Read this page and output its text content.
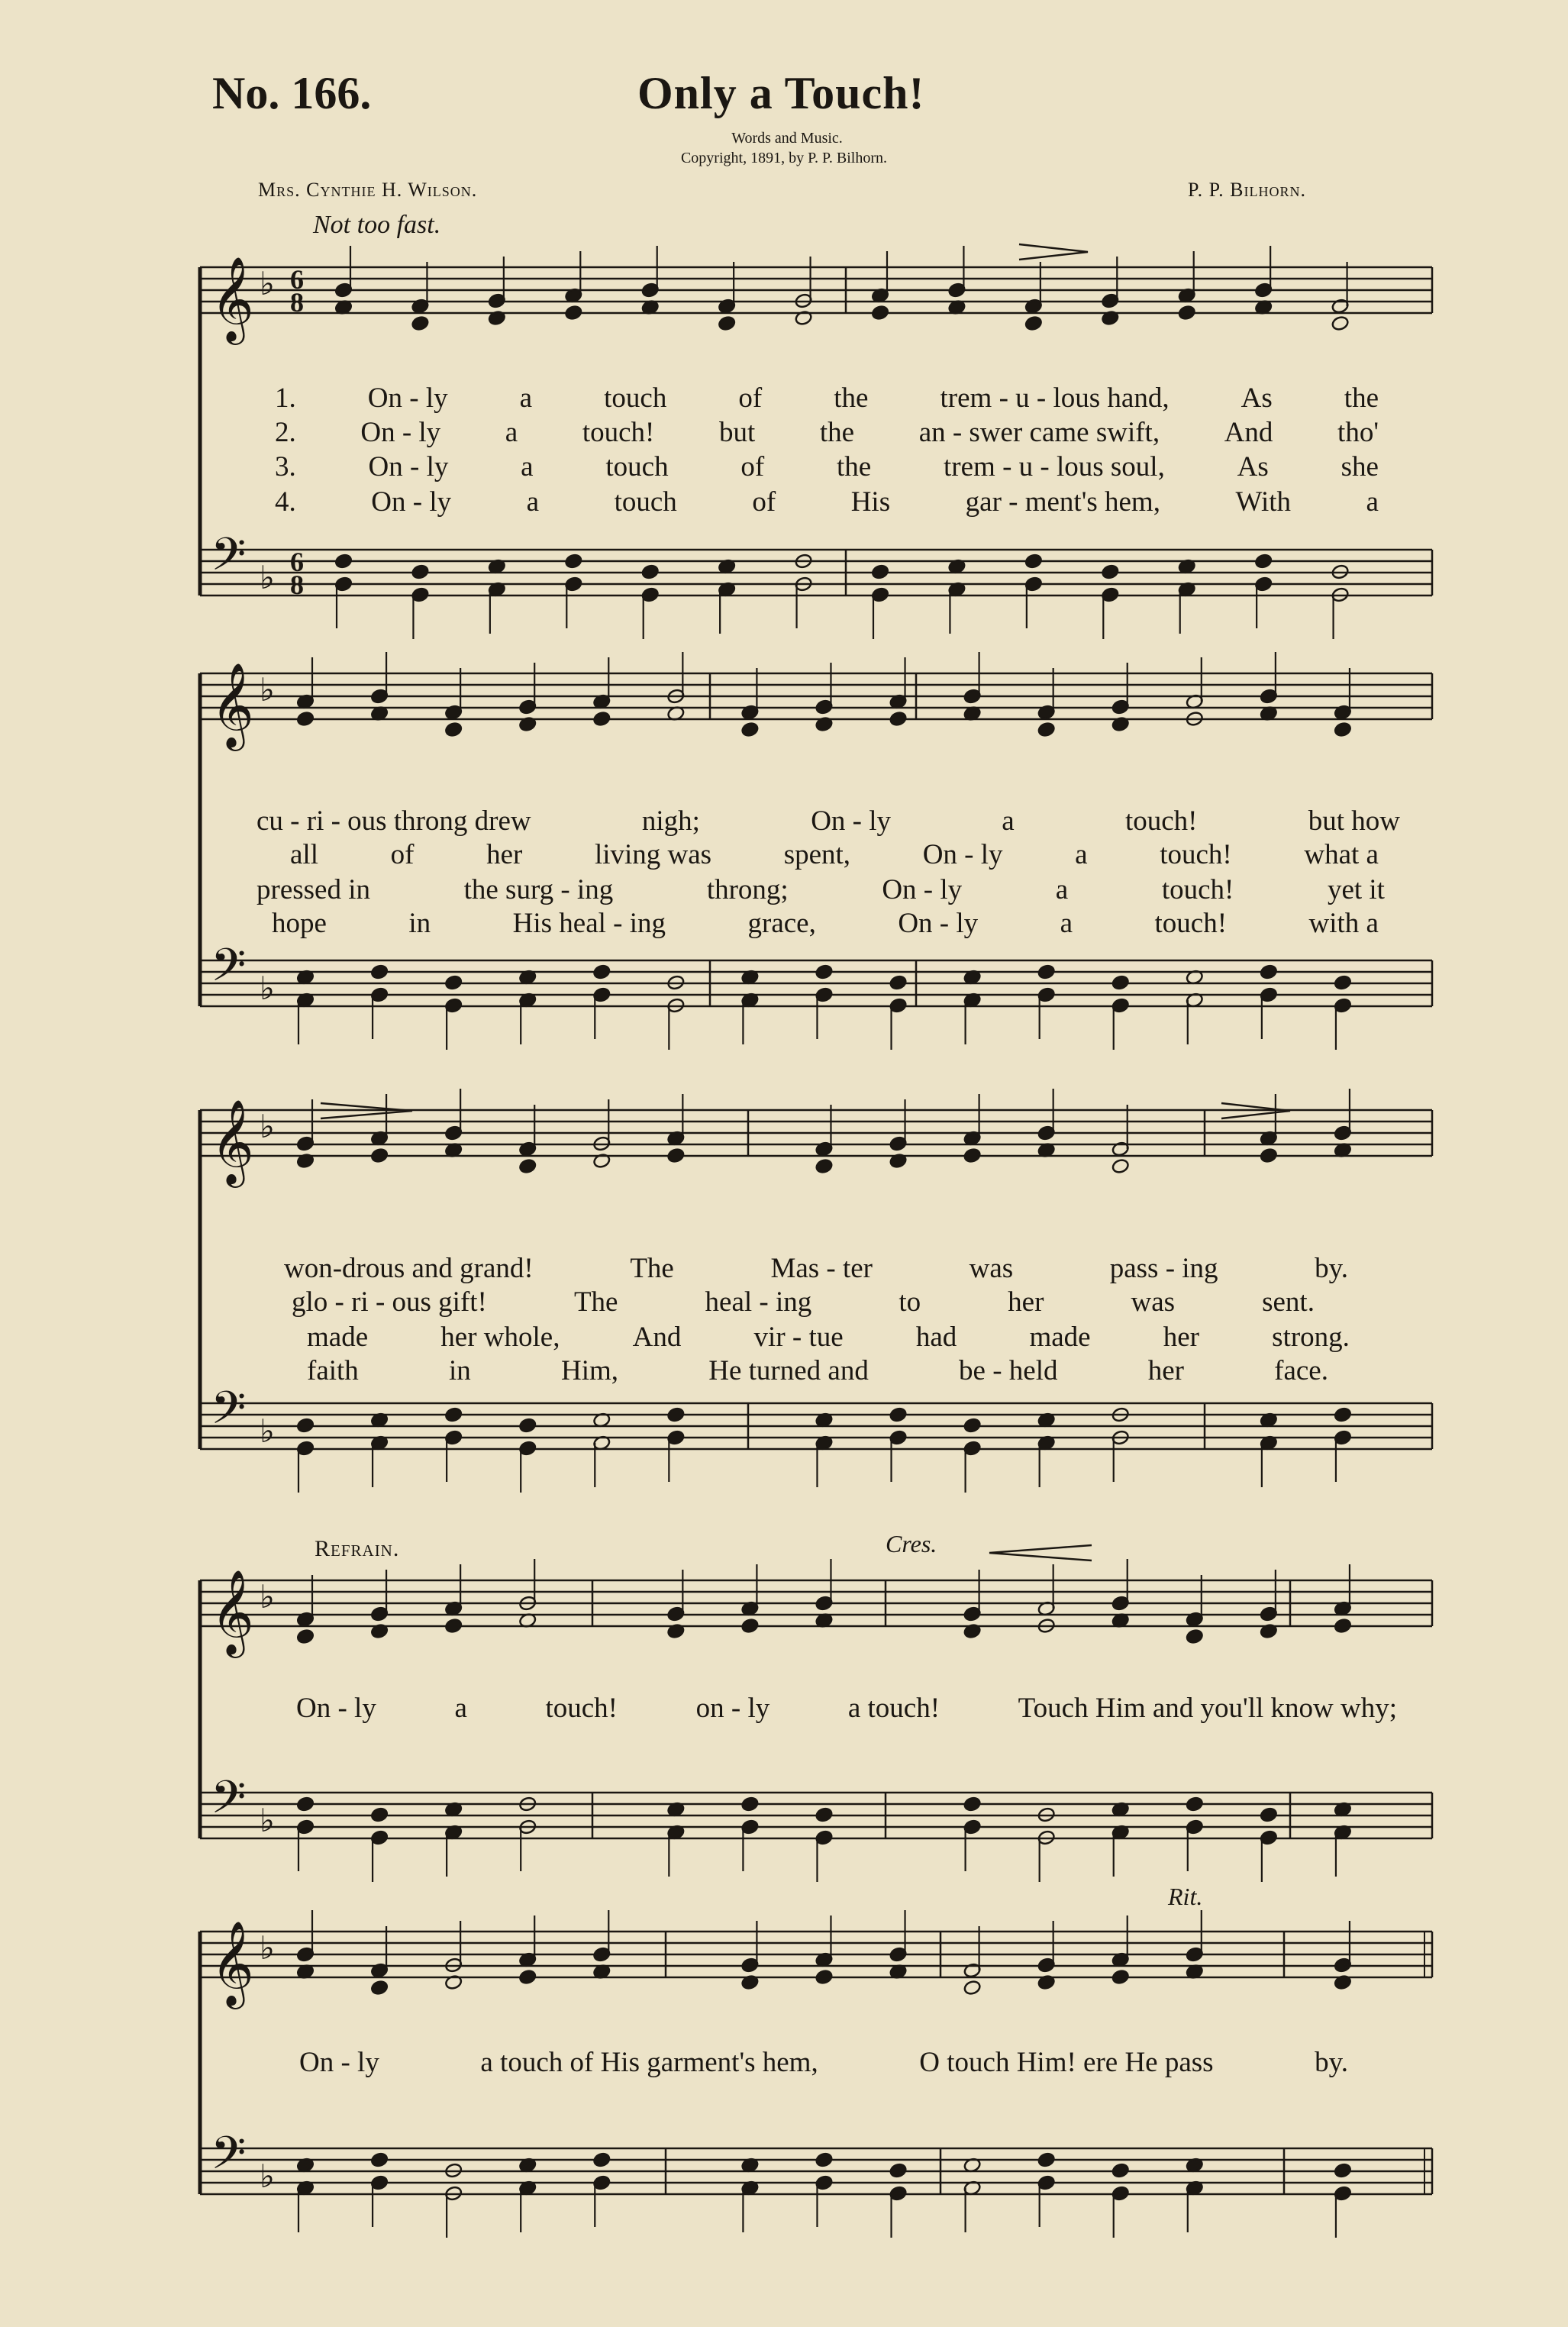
No. 166.	Only a Touch!
Words and Music.
Copyright, 1891, by P. P. Bilhorn.
Mrs. Cynthie H. Wilson.	P. P. Bilhorn.
Not too fast.
Refrain.	Cres.
Rit.
𝄞
𝄢
♭
♭
𝄞
𝄢
♭
♭
𝄞
𝄢
♭
♭
𝄞
𝄢
♭
♭
𝄞
𝄢
♭
♭
6
8
6
8
1.	On - ly	a	touch	of	the	trem - u - lous hand,	As	the
2. On - ly a touch! but the an - swer came swift, And tho'
3.	On - ly	a	touch	of	the	trem - u - lous soul,	As	she
4.	On - ly	a	touch	of	His	gar - ment's hem,	With	a
cu - ri - ous throng drew	nigh;	On - ly	a	touch!	but how
all	of	her	living was	spent,	On - ly	a	touch!	what a
pressed in	the surg - ing	throng;	On - ly	a	touch!	yet it
hope	in	His heal - ing	grace,	On - ly	a	touch!	with a
won-drous and grand!	The	Mas - ter	was	pass - ing	by.
glo - ri - ous gift!	The	heal - ing	to	her	was	sent.
made	her whole,	And	vir - tue	had	made	her	strong.
faith	in	Him,	He turned and	be - held	her	face.
On - ly	a	touch!	on - ly	a touch!	Touch Him and you'll know why;
On - ly	a touch of His garment's hem,	O touch Him! ere He pass	by.
